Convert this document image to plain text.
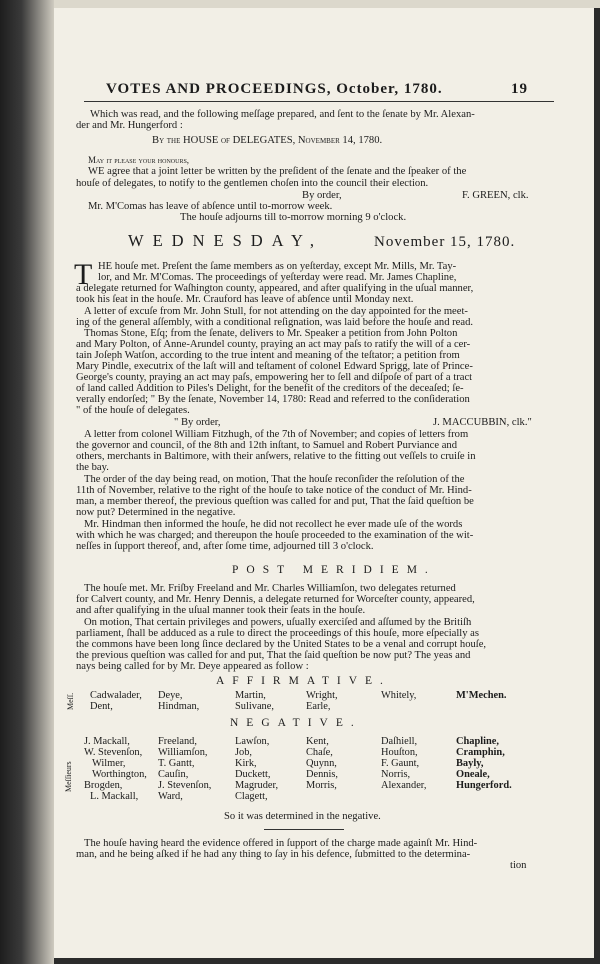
VOTES AND PROCEEDINGS, October, 1780.	19
Which was read, and the following meſſage prepared, and ſent to the ſenate by Mr. Alexan-
der and Mr. Hungerford :
By the HOUSE of DELEGATES, November 14, 1780.
May it please your honours,
WE agree that a joint letter be written by the preſident of the ſenate and the ſpeaker of the
houſe of delegates, to notify to the gentlemen choſen into the council their election.
By order,	F. GREEN, clk.
Mr. M'Comas has leave of abſence until to-morrow week.
The houſe adjourns till to-morrow morning 9 o'clock.
WEDNESDAY,	November 15, 1780.
T HE houſe met. Preſent the ſame members as on yeſterday, except Mr. Mills, Mr. Tay-
lor, and Mr. M'Comas. The proceedings of yeſterday were read. Mr. James Chapline,
a delegate returned for Waſhington county, appeared, and after qualifying in the uſual manner,
took his ſeat in the houſe. Mr. Crauford has leave of abſence until Monday next.
A letter of excuſe from Mr. John Stull, for not attending on the day appointed for the meet-
ing of the general aſſembly, with a conditional reſignation, was laid before the houſe and read.
Thomas Stone, Eſq; from the ſenate, delivers to Mr. Speaker a petition from John Polton
and Mary Polton, of Anne-Arundel county, praying an act may paſs to ratify the will of a cer-
tain Joſeph Watſon, according to the true intent and meaning of the teſtator; a petition from
Mary Pindle, executrix of the laſt will and teſtament of colonel Edward Sprigg, late of Prince-
George's county, praying an act may paſs, empowering her to ſell and diſpoſe of part of a tract
of land called Addition to Piles's Delight, for the benefit of the creditors of the deceaſed; ſe-
verally endorſed; " By the ſenate, November 14, 1780: Read and referred to the conſideration
" of the houſe of delegates.
" By order,	J. MACCUBBIN, clk."
A letter from colonel William Fitzhugh, of the 7th of November; and copies of letters from
the governor and council, of the 8th and 12th inſtant, to Samuel and Robert Purviance and
others, merchants in Baltimore, with their anſwers, relative to the fitting out veſſels to cruiſe in
the bay.
The order of the day being read, on motion, That the houſe reconſider the reſolution of the
11th of November, relative to the right of the houſe to take notice of the conduct of Mr. Hind-
man, a member thereof, the previous queſtion was called for and put, That the ſaid queſtion be
now put? Determined in the negative.
Mr. Hindman then informed the houſe, he did not recollect he ever made uſe of the words
with which he was charged; and thereupon the houſe proceeded to the examination of the wit-
neſſes in ſupport thereof, and, after ſome time, adjourned till 3 o'clock.
POST MERIDIEM.
The houſe met. Mr. Friſby Freeland and Mr. Charles Williamſon, two delegates returned
for Calvert county, and Mr. Henry Dennis, a delegate returned for Worceſter county, appeared,
and after qualifying in the uſual manner took their ſeats in the houſe.
On motion, That certain privileges and powers, uſually exerciſed and aſſumed by the Britiſh
parliament, ſhall be adduced as a rule to direct the proceedings of this houſe, more eſpecially as
the commons have been long ſince declared by the United States to be a venal and corrupt houſe,
the previous queſtion was called for and put, That the ſaid queſtion be now put? The yeas and
nays being called for by Mr. Deye appeared as follow :
AFFIRMATIVE.
Meſſ. Cadwalader, Deye,	Martin,	Wright,	Whitely,	M'Mechen.
Dent,	Hindman,	Sulivane,	Earle,
NEGATIVE.
Meſſieurs
J. Mackall,	Freeland,	Lawſon,	Kent,	Daſhiell,	Chapline,
W. Stevenſon, Williamſon,	Job,	Chaſe,	Houſton,	Cramphin,
Wilmer,	T. Gantt,	Kirk,	Quynn,	F. Gaunt,	Bayly,
Worthington, Cauſin,	Duckett,	Dennis,	Norris,	Oneale,
Brogden,	J. Stevenſon, Magruder,	Morris,	Alexander,	Hungerford.
L. Mackall, Ward,	Clagett,
So it was determined in the negative.
The houſe having heard the evidence offered in ſupport of the charge made againſt Mr. Hind-
man, and he being aſked if he had any thing to ſay in his defence, ſubmitted to the determina-
tion
